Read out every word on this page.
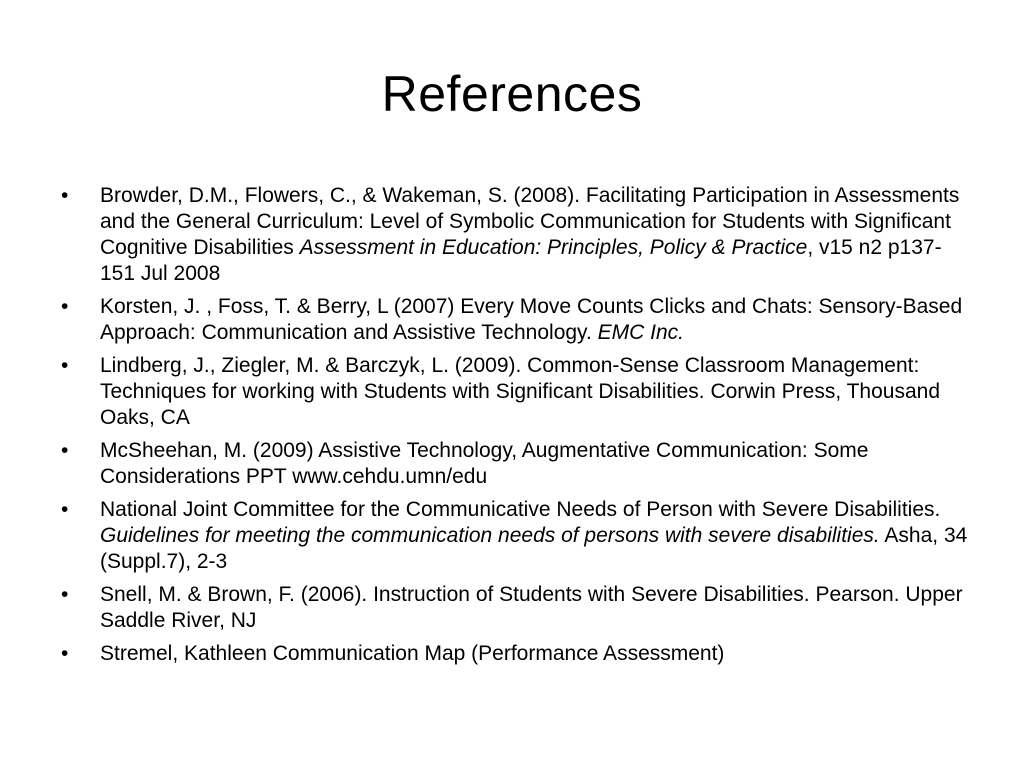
References
• Browder, D.M., Flowers, C., & Wakeman, S. (2008). Facilitating Participation in Assessments and the General Curriculum: Level of Symbolic Communication for Students with Significant Cognitive Disabilities Assessment in Education: Principles, Policy & Practice, v15 n2 p137-151 Jul 2008
• Korsten, J. , Foss, T. & Berry, L (2007) Every Move Counts Clicks and Chats: Sensory-Based Approach: Communication and Assistive Technology. EMC Inc.
• Lindberg, J., Ziegler, M. & Barczyk, L. (2009). Common-Sense Classroom Management: Techniques for working with Students with Significant Disabilities. Corwin Press, Thousand Oaks, CA
• McSheehan, M. (2009) Assistive Technology, Augmentative Communication: Some Considerations PPT www.cehdu.umn/edu
• National Joint Committee for the Communicative Needs of Person with Severe Disabilities. Guidelines for meeting the communication needs of persons with severe disabilities. Asha, 34 (Suppl.7), 2-3
• Snell, M. & Brown, F. (2006). Instruction of Students with Severe Disabilities. Pearson. Upper Saddle River, NJ
• Stremel, Kathleen Communication Map (Performance Assessment)
